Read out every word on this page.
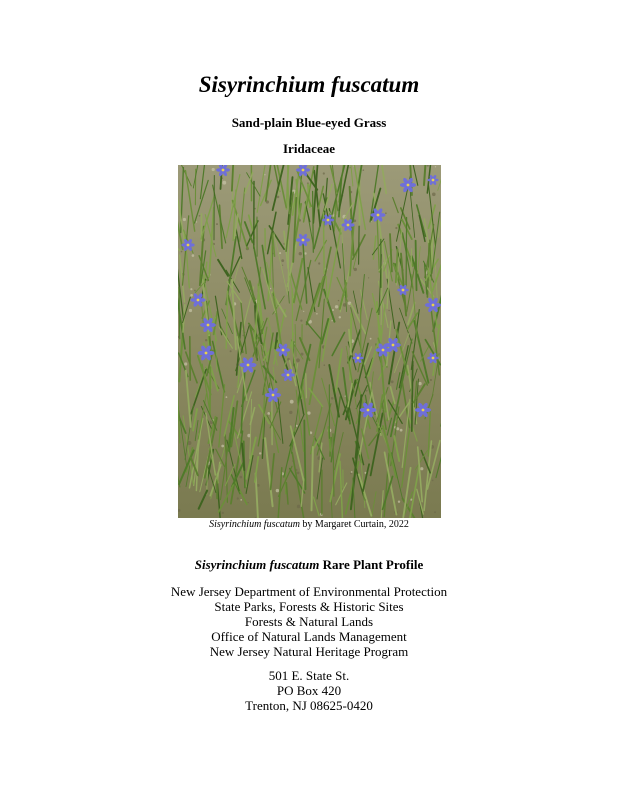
Sisyrinchium fuscatum
Sand-plain Blue-eyed Grass
Iridaceae
Sisyrinchium fuscatum by Margaret Curtain, 2022
Sisyrinchium fuscatum Rare Plant Profile
New Jersey Department of Environmental Protection
State Parks, Forests & Historic Sites
Forests & Natural Lands
Office of Natural Lands Management
New Jersey Natural Heritage Program
501 E. State St.
PO Box 420
Trenton, NJ 08625-0420
